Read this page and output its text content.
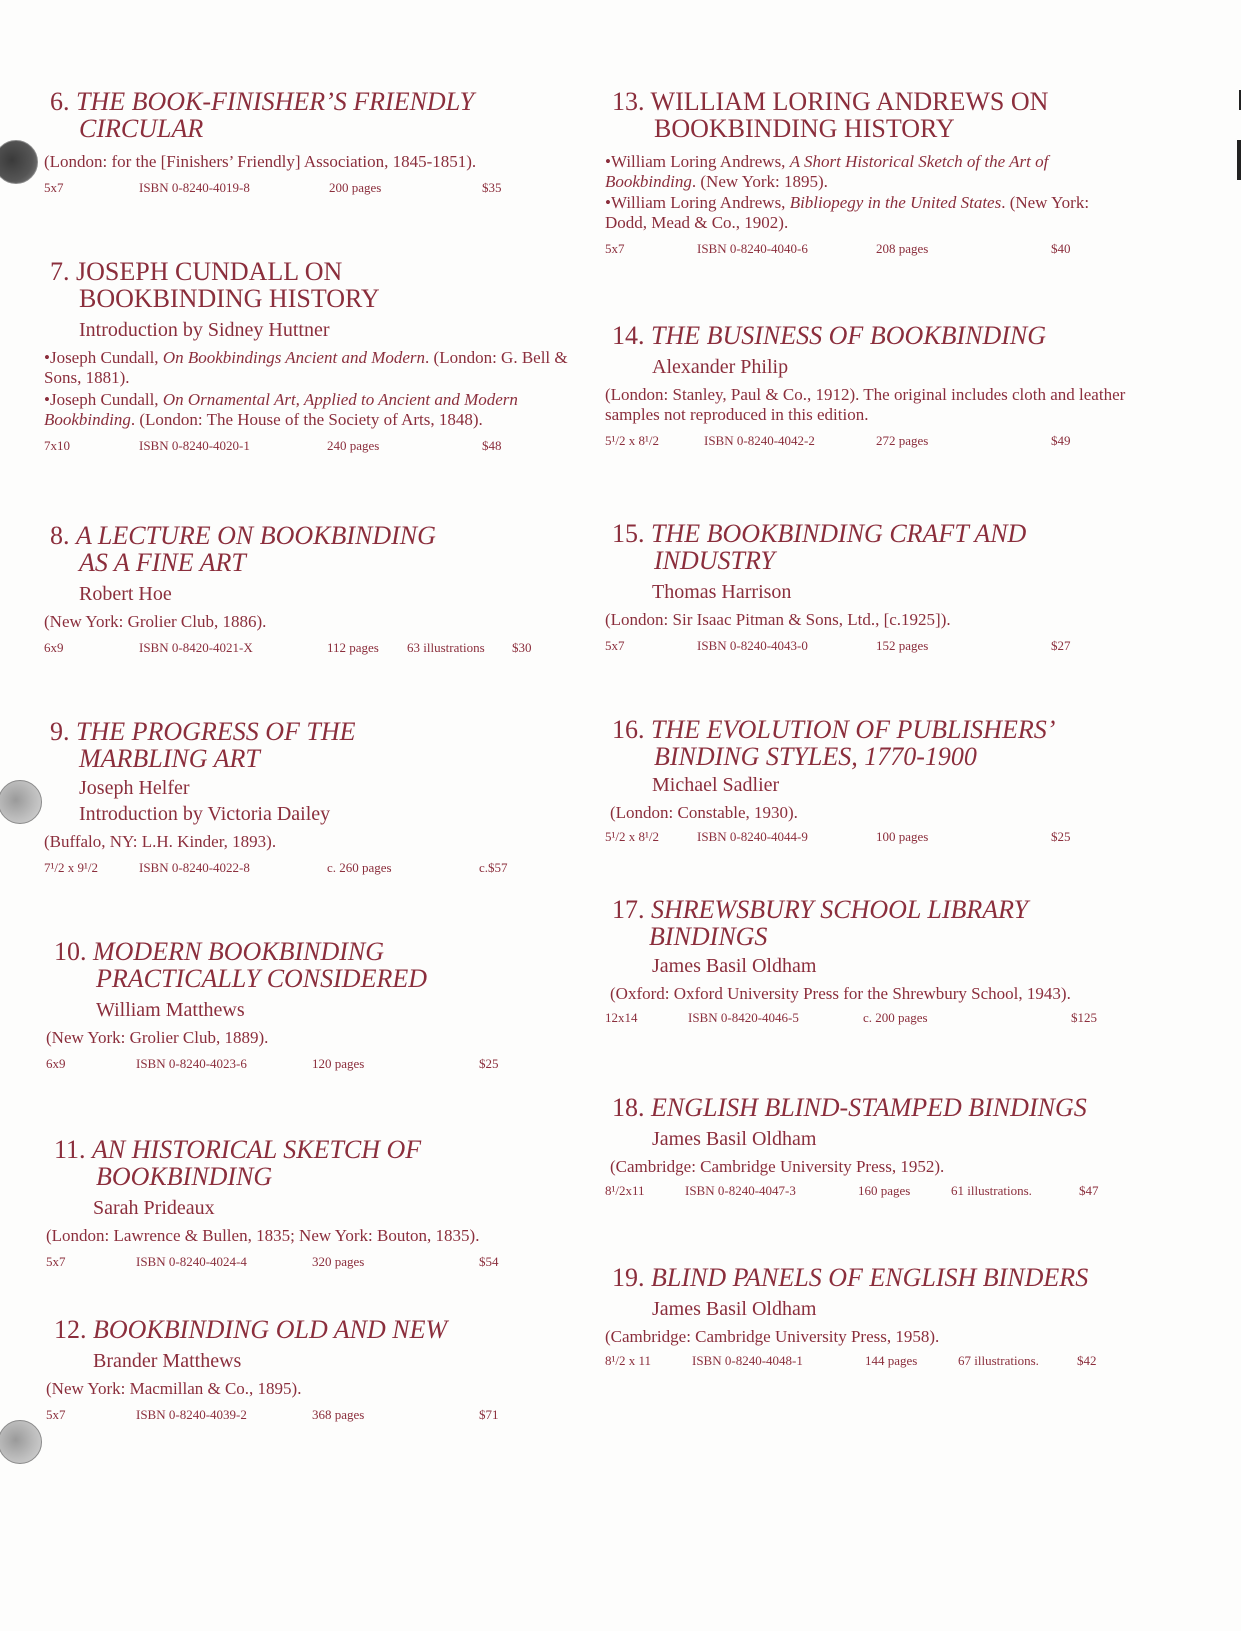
6. THE BOOK-FINISHER’S FRIENDLY
CIRCULAR

(London: for the [Finishers’ Friendly] Association, 1845-1851).

5x7	ISBN 0-8240-4019-8	200 pages	$35
7. JOSEPH CUNDALL ON
BOOKBINDING HISTORY

Introduction by Sidney Huttner

•Joseph Cundall, On Bookbindings Ancient and Modern. (London: G. Bell & Sons, 1881).

•Joseph Cundall, On Ornamental Art, Applied to Ancient and Modern Bookbinding. (London: The House of the Society of Arts, 1848).

7x10	ISBN 0-8240-4020-1	240 pages	$48
8. A LECTURE ON BOOKBINDING
AS A FINE ART

Robert Hoe

(New York: Grolier Club, 1886).

6x9	ISBN 0-8420-4021-X	112 pages 63 illustrations $30
9. THE PROGRESS OF THE
MARBLING ART

Joseph Helfer

Introduction by Victoria Dailey

(Buffalo, NY: L.H. Kinder, 1893).

7¹/2 x 9¹/2	ISBN 0-8240-4022-8	c. 260 pages	c.$57
10. MODERN BOOKBINDING
PRACTICALLY CONSIDERED

William Matthews

(New York: Grolier Club, 1889).

6x9	ISBN 0-8240-4023-6	120 pages	$25
11. AN HISTORICAL SKETCH OF
BOOKBINDING

Sarah Prideaux

(London: Lawrence & Bullen, 1835; New York: Bouton, 1835).

5x7	ISBN 0-8240-4024-4	320 pages	$54
12. BOOKBINDING OLD AND NEW

Brander Matthews

(New York: Macmillan & Co., 1895).

5x7	ISBN 0-8240-4039-2	368 pages	$71
13. WILLIAM LORING ANDREWS ON
BOOKBINDING HISTORY

•William Loring Andrews, A Short Historical Sketch of the Art of Bookbinding. (New York: 1895).

•William Loring Andrews, Bibliopegy in the United States. (New York: Dodd, Mead & Co., 1902).

5x7	ISBN 0-8240-4040-6	208 pages	$40
14. THE BUSINESS OF BOOKBINDING

Alexander Philip

(London: Stanley, Paul & Co., 1912). The original includes cloth and leather samples not reproduced in this edition.

5¹/2 x 8¹/2	ISBN 0-8240-4042-2	272 pages	$49
15. THE BOOKBINDING CRAFT AND
INDUSTRY

Thomas Harrison

(London: Sir Isaac Pitman & Sons, Ltd., [c.1925]).

5x7	ISBN 0-8240-4043-0	152 pages	$27
16. THE EVOLUTION OF PUBLISHERS’
BINDING STYLES, 1770-1900

Michael Sadlier

(London: Constable, 1930).

5¹/2 x 8¹/2	ISBN 0-8240-4044-9	100 pages	$25
17. SHREWSBURY SCHOOL LIBRARY
BINDINGS

James Basil Oldham

(Oxford: Oxford University Press for the Shrewbury School, 1943).

12x14	ISBN 0-8420-4046-5	c. 200 pages	$125
18. ENGLISH BLIND-STAMPED BINDINGS

James Basil Oldham

(Cambridge: Cambridge University Press, 1952).

8¹/2x11	ISBN 0-8240-4047-3	160 pages	61 illustrations.	$47
19. BLIND PANELS OF ENGLISH BINDERS

James Basil Oldham

(Cambridge: Cambridge University Press, 1958).

8¹/2 x 11	ISBN 0-8240-4048-1	144 pages	67 illustrations.	$42
